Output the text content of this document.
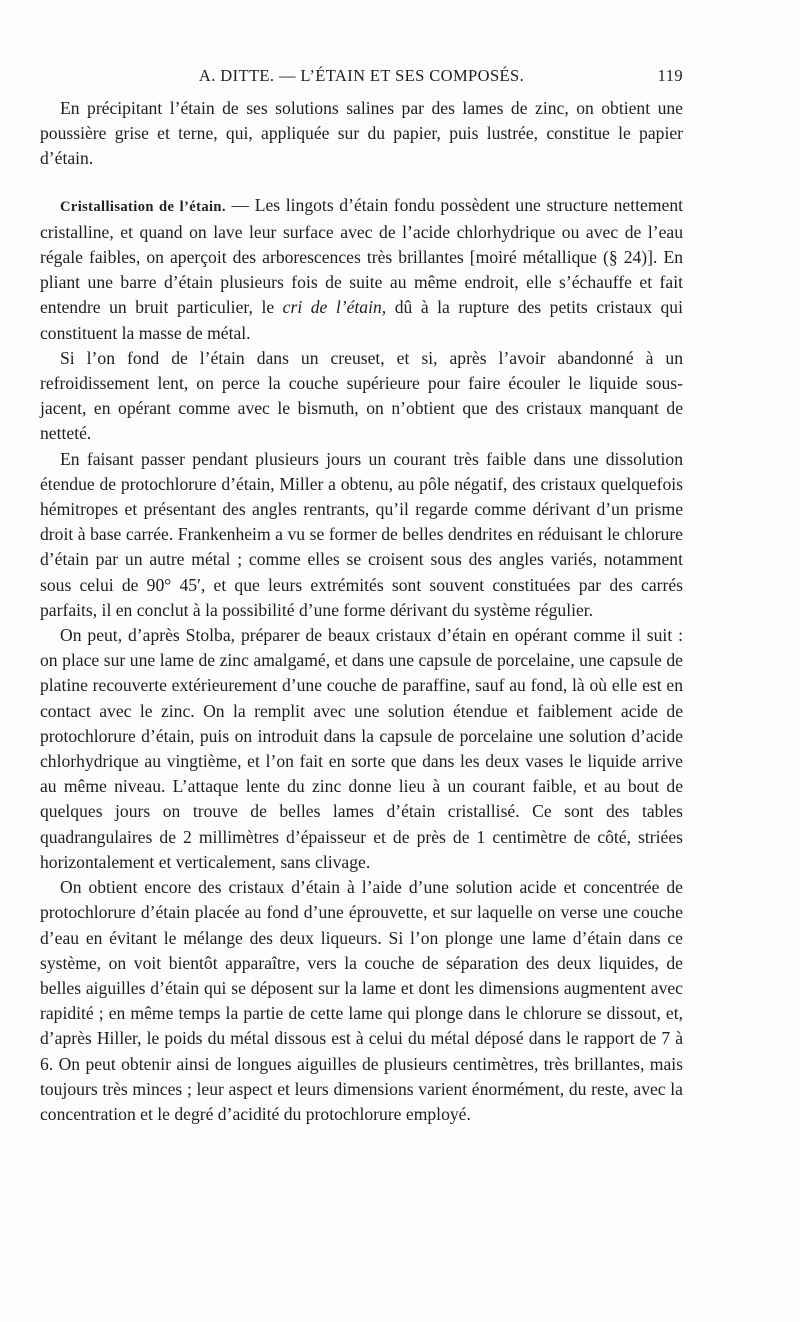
A. DITTE. — L’ÉTAIN ET SES COMPOSÉS.	119

En précipitant l’étain de ses solutions salines par des lames de zinc, on obtient une poussière grise et terne, qui, appliquée sur du papier, puis lustrée, constitue le papier d’étain.

Cristallisation de l’étain. — Les lingots d’étain fondu possèdent une structure nettement cristalline, et quand on lave leur surface avec de l’acide chlorhydrique ou avec de l’eau régale faibles, on aperçoit des arborescences très brillantes [moiré métallique (§ 24)]. En pliant une barre d’étain plusieurs fois de suite au même endroit, elle s’échauffe et fait entendre un bruit particulier, le cri de l’étain, dû à la rupture des petits cristaux qui constituent la masse de métal.

Si l’on fond de l’étain dans un creuset, et si, après l’avoir abandonné à un refroidissement lent, on perce la couche supérieure pour faire écouler le liquide sous-jacent, en opérant comme avec le bismuth, on n’obtient que des cristaux manquant de netteté.

En faisant passer pendant plusieurs jours un courant très faible dans une dissolution étendue de protochlorure d’étain, Miller a obtenu, au pôle négatif, des cristaux quelquefois hémitropes et présentant des angles rentrants, qu’il regarde comme dérivant d’un prisme droit à base carrée. Frankenheim a vu se former de belles dendrites en réduisant le chlorure d’étain par un autre métal ; comme elles se croisent sous des angles variés, notamment sous celui de 90° 45′, et que leurs extrémités sont souvent constituées par des carrés parfaits, il en conclut à la possibilité d’une forme dérivant du système régulier.

On peut, d’après Stolba, préparer de beaux cristaux d’étain en opérant comme il suit : on place sur une lame de zinc amalgamé, et dans une capsule de porcelaine, une capsule de platine recouverte extérieurement d’une couche de paraffine, sauf au fond, là où elle est en contact avec le zinc. On la remplit avec une solution étendue et faiblement acide de protochlorure d’étain, puis on introduit dans la capsule de porcelaine une solution d’acide chlorhydrique au vingtième, et l’on fait en sorte que dans les deux vases le liquide arrive au même niveau. L’attaque lente du zinc donne lieu à un courant faible, et au bout de quelques jours on trouve de belles lames d’étain cristallisé. Ce sont des tables quadrangulaires de 2 millimètres d’épaisseur et de près de 1 centimètre de côté, striées horizontalement et verticalement, sans clivage.

On obtient encore des cristaux d’étain à l’aide d’une solution acide et concentrée de protochlorure d’étain placée au fond d’une éprouvette, et sur laquelle on verse une couche d’eau en évitant le mélange des deux liqueurs. Si l’on plonge une lame d’étain dans ce système, on voit bientôt apparaître, vers la couche de séparation des deux liquides, de belles aiguilles d’étain qui se déposent sur la lame et dont les dimensions augmentent avec rapidité ; en même temps la partie de cette lame qui plonge dans le chlorure se dissout, et, d’après Hiller, le poids du métal dissous est à celui du métal déposé dans le rapport de 7 à 6. On peut obtenir ainsi de longues aiguilles de plusieurs centimètres, très brillantes, mais toujours très minces ; leur aspect et leurs dimensions varient énormément, du reste, avec la concentration et le degré d’acidité du protochlorure employé.
